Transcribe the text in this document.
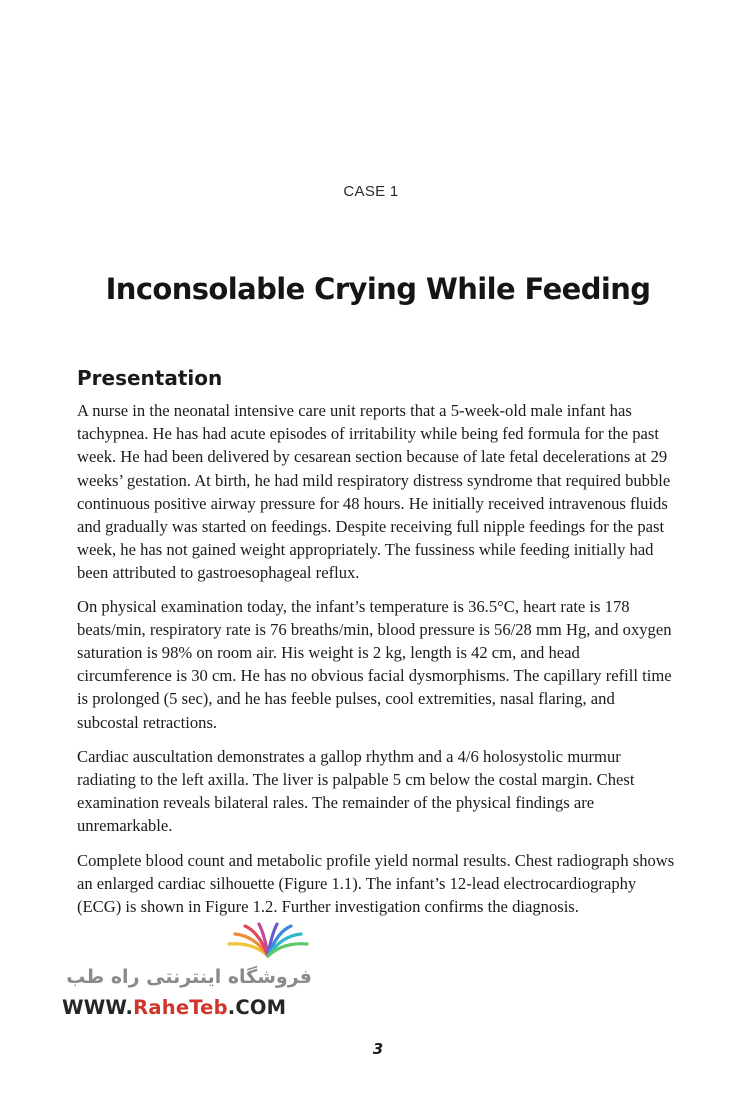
CASE 1
Inconsolable Crying While Feeding
Presentation

A nurse in the neonatal intensive care unit reports that a 5-week-old male infant has tachypnea. He has had acute episodes of irritability while being fed formula for the past week. He had been delivered by cesarean section because of late fetal decelerations at 29 weeks’ gestation. At birth, he had mild respiratory distress syndrome that required bubble continuous positive airway pressure for 48 hours. He initially received intravenous fluids and gradually was started on feedings. Despite receiving full nipple feedings for the past week, he has not gained weight appropriately. The fussiness while feeding initially had been attributed to gastroesophageal reflux.

On physical examination today, the infant’s temperature is 36.5°C, heart rate is 178 beats/min, respiratory rate is 76 breaths/min, blood pressure is 56/28 mm Hg, and oxygen saturation is 98% on room air. His weight is 2 kg, length is 42 cm, and head circumference is 30 cm. He has no obvious facial dysmorphisms. The capillary refill time is prolonged (5 sec), and he has feeble pulses, cool extremities, nasal flaring, and subcostal retractions.

Cardiac auscultation demonstrates a gallop rhythm and a 4/6 holosystolic murmur radiating to the left axilla. The liver is palpable 5 cm below the costal margin. Chest examination reveals bilateral rales. The remainder of the physical findings are unremarkable.

Complete blood count and metabolic profile yield normal results. Chest radiograph shows an enlarged cardiac silhouette (Figure 1.1). The infant’s 12-lead electrocardiography (ECG) is shown in Figure 1.2. Further investigation confirms the diagnosis.

فروشگاه اینترنتی راه طب
WWW.RaheTeb.COM
3
